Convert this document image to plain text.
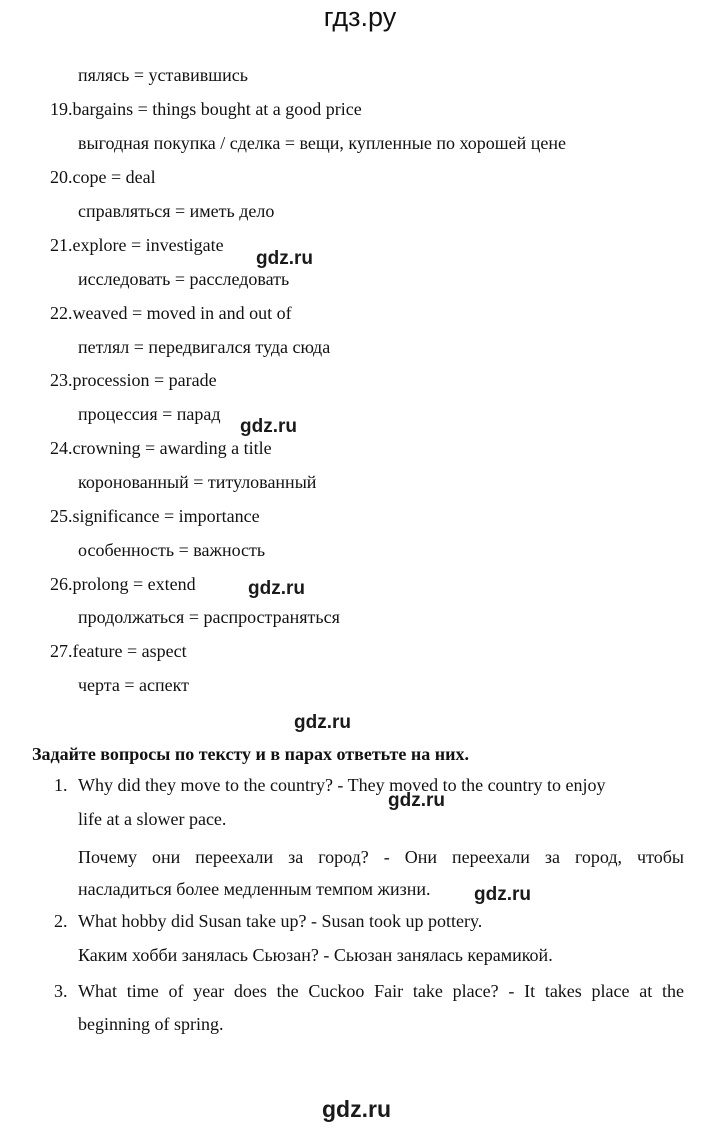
гдз.ру
пялясь = уставившись
19.bargains = things bought at a good price
выгодная покупка / сделка = вещи, купленные по хорошей цене
20.cope = deal
справляться = иметь дело
21.explore = investigate
исследовать = расследовать
22.weaved = moved in and out of
петлял = передвигался туда сюда
23.procession = parade
процессия = парад
24.crowning = awarding a title
коронованный = титулованный
25.significance = importance
особенность = важность
26.prolong = extend
продолжаться = распространяться
27.feature = aspect
черта = аспект
gdz.ru
gdz.ru
gdz.ru
gdz.ru
gdz.ru
gdz.ru
gdz.ru
Задайте вопросы по тексту и в парах ответьте на них.
1. Why did they move to the country? - They moved to the country to enjoy
life at a slower pace.
Почему они переехали за город? - Они переехали за город, чтобы
насладиться более медленным темпом жизни.
2. What hobby did Susan take up? - Susan took up pottery.
Каким хобби занялась Сьюзан? - Сьюзан занялась керамикой.
3. What time of year does the Cuckoo Fair take place? - It takes place at the
beginning of spring.
